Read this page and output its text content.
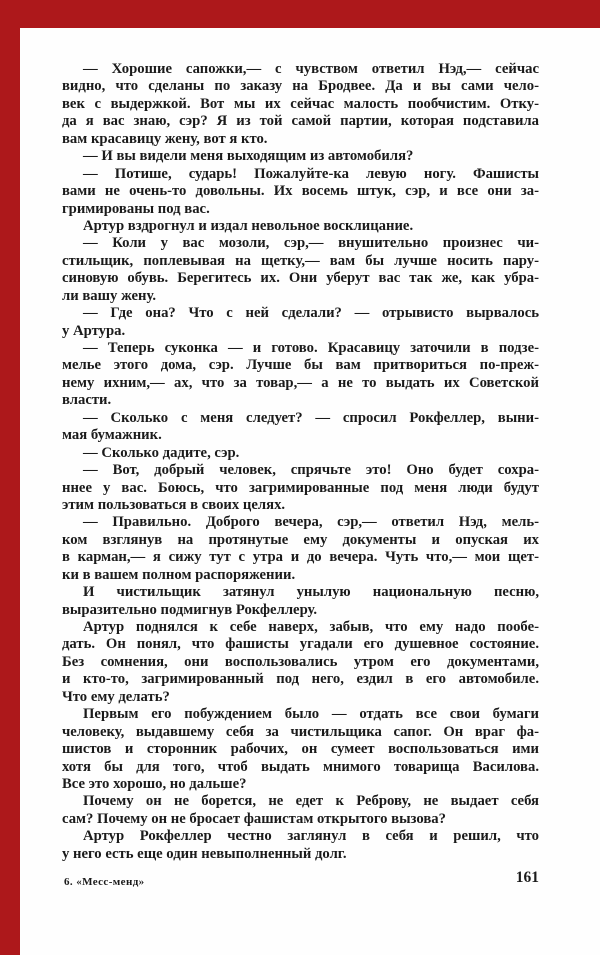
— Хорошие сапожки,— с чувством ответил Нэд,— сейчас
видно, что сделаны по заказу на Бродвее. Да и вы сами чело-
век с выдержкой. Вот мы их сейчас малость пообчистим. Отку-
да я вас знаю, сэр? Я из той самой партии, которая подставила
вам красавицу жену, вот я кто.
— И вы видели меня выходящим из автомобиля?
— Потише, сударь! Пожалуйте-ка левую ногу. Фашисты
вами не очень-то довольны. Их восемь штук, сэр, и все они за-
гримированы под вас.
Артур вздрогнул и издал невольное восклицание.
— Коли у вас мозоли, сэр,— внушительно произнес чи-
стильщик, поплевывая на щетку,— вам бы лучше носить пару-
синовую обувь. Берегитесь их. Они уберут вас так же, как убра-
ли вашу жену.
— Где она? Что с ней сделали? — отрывисто вырвалось
у Артура.
— Теперь суконка — и готово. Красавицу заточили в подзе-
мелье этого дома, сэр. Лучше бы вам притвориться по-преж-
нему ихним,— ах, что за товар,— а не то выдать их Советской
власти.
— Сколько с меня следует? — спросил Рокфеллер, выни-
мая бумажник.
— Сколько дадите, сэр.
— Вот, добрый человек, спрячьте это! Оно будет сохра-
ннее у вас. Боюсь, что загримированные под меня люди будут
этим пользоваться в своих целях.
— Правильно. Доброго вечера, сэр,— ответил Нэд, мель-
ком взглянув на протянутые ему документы и опуская их
в карман,— я сижу тут с утра и до вечера. Чуть что,— мои щет-
ки в вашем полном распоряжении.
И чистильщик затянул унылую национальную песню,
выразительно подмигнув Рокфеллеру.
Артур поднялся к себе наверх, забыв, что ему надо пообе-
дать. Он понял, что фашисты угадали его душевное состояние.
Без сомнения, они воспользовались утром его документами,
и кто-то, загримированный под него, ездил в его автомобиле.
Что ему делать?
Первым его побуждением было — отдать все свои бумаги
человеку, выдавшему себя за чистильщика сапог. Он враг фа-
шистов и сторонник рабочих, он сумеет воспользоваться ими
хотя бы для того, чтоб выдать мнимого товарища Василова.
Все это хорошо, но дальше?
Почему он не борется, не едет к Реброву, не выдает себя
сам? Почему он не бросает фашистам открытого вызова?
Артур Рокфеллер честно заглянул в себя и решил, что
у него есть еще один невыполненный долг.
6. «Месс-менд»	161
